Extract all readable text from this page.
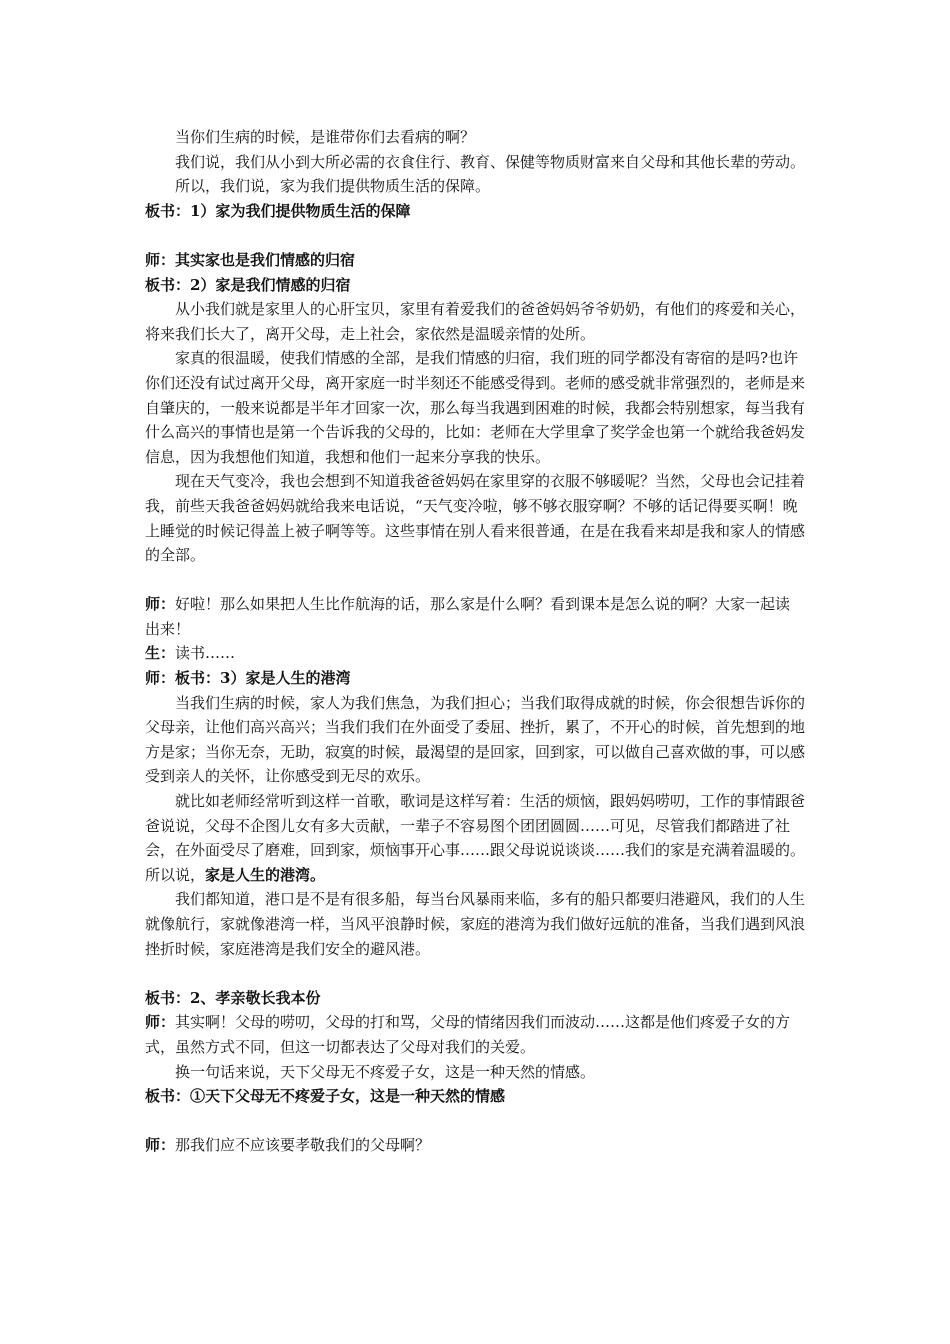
当你们生病的时候，是谁带你们去看病的啊？

我们说，我们从小到大所必需的衣食住行、教育、保健等物质财富来自父母和其他长辈的劳动。

所以，我们说，家为我们提供物质生活的保障。

板书：1）家为我们提供物质生活的保障

师：其实家也是我们情感的归宿

板书：2）家是我们情感的归宿

从小我们就是家里人的心肝宝贝，家里有着爱我们的爸爸妈妈爷爷奶奶，有他们的疼爱和关心，将来我们长大了，离开父母，走上社会，家依然是温暖亲情的处所。

家真的很温暖，使我们情感的全部，是我们情感的归宿，我们班的同学都没有寄宿的是吗?也许你们还没有试过离开父母，离开家庭一时半刻还不能感受得到。老师的感受就非常强烈的，老师是来自肇庆的，一般来说都是半年才回家一次，那么每当我遇到困难的时候，我都会特别想家，每当我有什么高兴的事情也是第一个告诉我的父母的，比如：老师在大学里拿了奖学金也第一个就给我爸妈发信息，因为我想他们知道，我想和他们一起来分享我的快乐。

现在天气变冷，我也会想到不知道我爸爸妈妈在家里穿的衣服不够暖呢？当然，父母也会记挂着我，前些天我爸爸妈妈就给我来电话说，“天气变冷啦，够不够衣服穿啊？不够的话记得要买啊！晚上睡觉的时候记得盖上被子啊等等。这些事情在别人看来很普通，在是在我看来却是我和家人的情感的全部。

师：好啦！那么如果把人生比作航海的话，那么家是什么啊？看到课本是怎么说的啊？大家一起读出来！

生：读书……

师：板书：3）家是人生的港湾

当我们生病的时候，家人为我们焦急，为我们担心；当我们取得成就的时候，你会很想告诉你的父母亲，让他们高兴高兴；当我们我们在外面受了委屈、挫折，累了，不开心的时候，首先想到的地方是家；当你无奈，无助，寂寞的时候，最渴望的是回家，回到家，可以做自己喜欢做的事，可以感受到亲人的关怀，让你感受到无尽的欢乐。

就比如老师经常听到这样一首歌，歌词是这样写着：生活的烦恼，跟妈妈唠叨，工作的事情跟爸爸说说，父母不企图儿女有多大贡献，一辈子不容易图个团团圆圆……可见，尽管我们都踏进了社会，在外面受尽了磨难，回到家，烦恼事开心事……跟父母说说谈谈……我们的家是充满着温暖的。所以说，家是人生的港湾。

我们都知道，港口是不是有很多船，每当台风暴雨来临，多有的船只都要归港避风，我们的人生就像航行，家就像港湾一样，当风平浪静时候，家庭的港湾为我们做好远航的准备，当我们遇到风浪挫折时候，家庭港湾是我们安全的避风港。

板书：2、孝亲敬长我本份

师：其实啊！父母的唠叨，父母的打和骂，父母的情绪因我们而波动……这都是他们疼爱子女的方式，虽然方式不同，但这一切都表达了父母对我们的关爱。

换一句话来说，天下父母无不疼爱子女，这是一种天然的情感。

板书：①天下父母无不疼爱子女，这是一种天然的情感

师：那我们应不应该要孝敬我们的父母啊？
